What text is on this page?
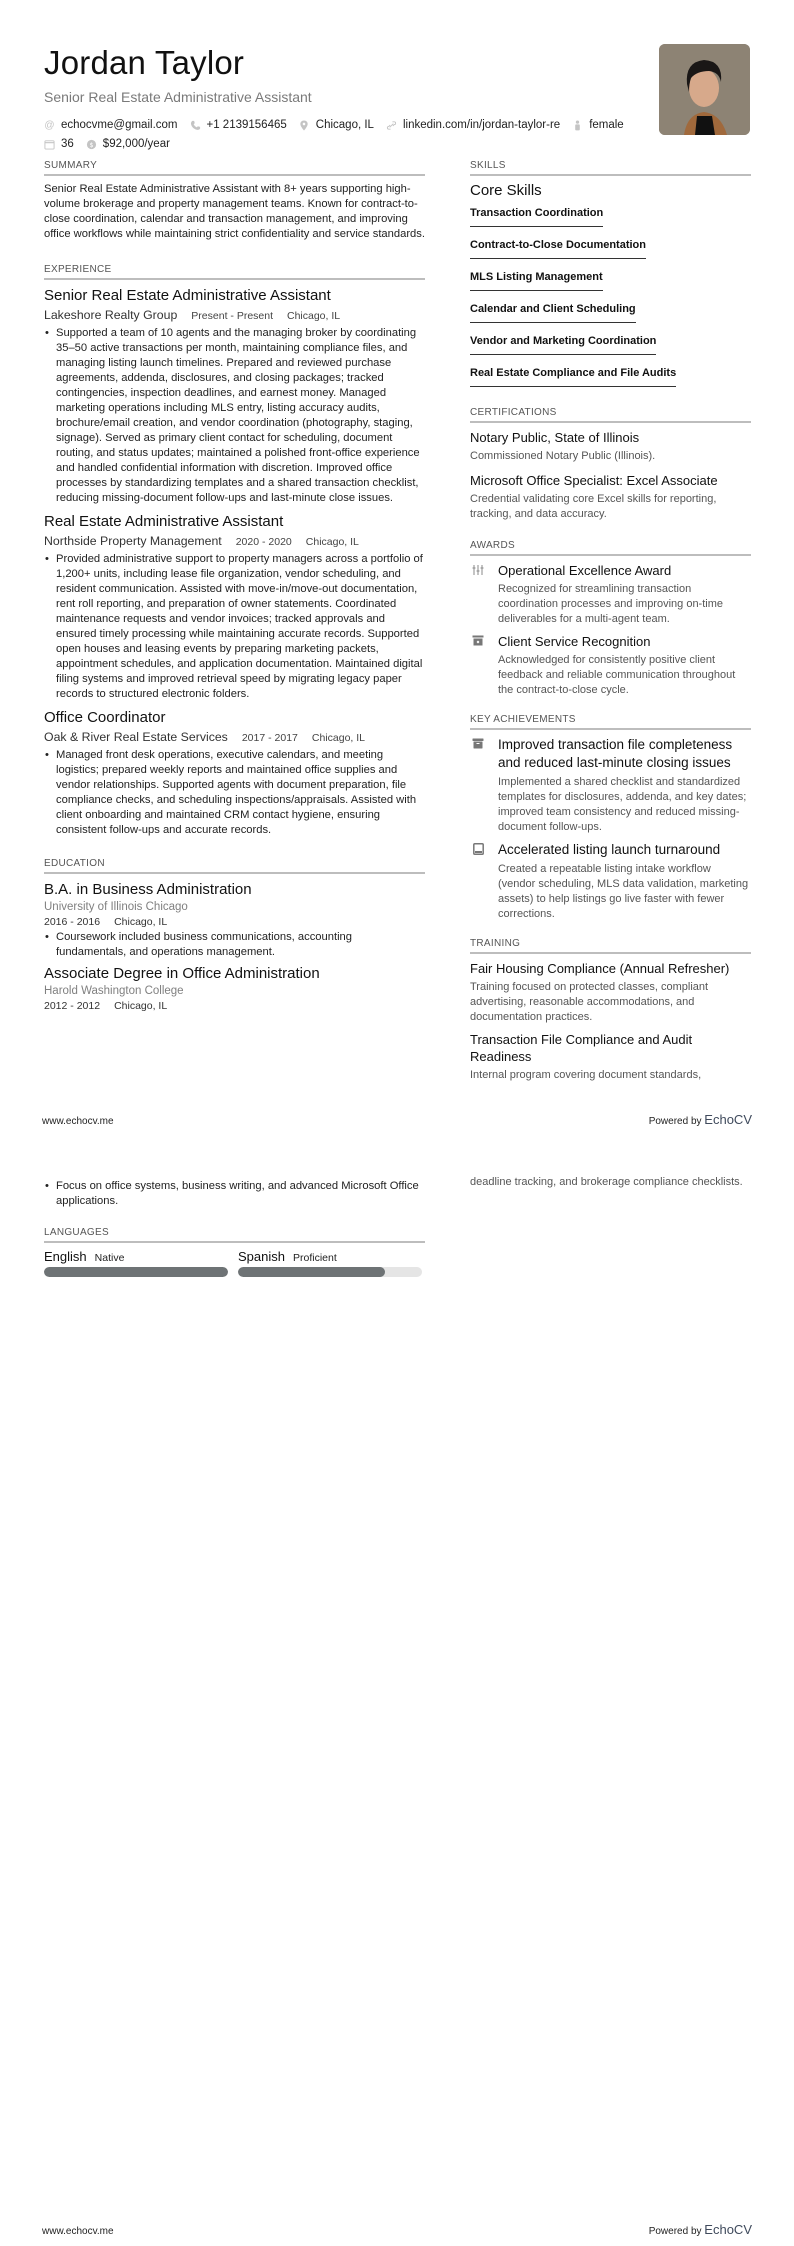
Jordan Taylor
Senior Real Estate Administrative Assistant
@ echocvme@gmail.com	+1 2139156465	Chicago, IL	linkedin.com/in/jordan-taylor-re	female
36 $ $92,000/year
SUMMARY

Senior Real Estate Administrative Assistant with 8+ years supporting high-volume brokerage and property management teams. Known for contract-to-close coordination, calendar and transaction management, and improving office workflows while maintaining strict confidentiality and service standards.

EXPERIENCE
Senior Real Estate Administrative Assistant
Lakeshore Realty Group Present - Present Chicago, IL
• Supported a team of 10 agents and the managing broker by coordinating 35–50 active transactions per month, maintaining compliance files, and managing listing launch timelines. Prepared and reviewed purchase agreements, addenda, disclosures, and closing packages; tracked contingencies, inspection deadlines, and earnest money. Managed marketing operations including MLS entry, listing accuracy audits, brochure/email creation, and vendor coordination (photography, staging, signage). Served as primary client contact for scheduling, document routing, and status updates; maintained a polished front-office experience and handled confidential information with discretion. Improved office processes by standardizing templates and a shared transaction checklist, reducing missing-document follow-ups and last-minute close issues.
Real Estate Administrative Assistant
Northside Property Management 2020 - 2020 Chicago, IL
• Provided administrative support to property managers across a portfolio of 1,200+ units, including lease file organization, vendor scheduling, and resident communication. Assisted with move-in/move-out documentation, rent roll reporting, and preparation of owner statements. Coordinated maintenance requests and vendor invoices; tracked approvals and ensured timely processing while maintaining accurate records. Supported open houses and leasing events by preparing marketing packets, appointment schedules, and application documentation. Maintained digital filing systems and improved retrieval speed by migrating legacy paper records to structured electronic folders.
Office Coordinator
Oak & River Real Estate Services 2017 - 2017 Chicago, IL
• Managed front desk operations, executive calendars, and meeting logistics; prepared weekly reports and maintained office supplies and vendor relationships. Supported agents with document preparation, file compliance checks, and scheduling inspections/appraisals. Assisted with client onboarding and maintained CRM contact hygiene, ensuring consistent follow-ups and accurate records.
EDUCATION
B.A. in Business Administration
University of Illinois Chicago
2016 - 2016 Chicago, IL
• Coursework included business communications, accounting fundamentals, and operations management.
Associate Degree in Office Administration
Harold Washington College
2012 - 2012 Chicago, IL
SKILLS
Core Skills
Transaction Coordination
Contract-to-Close Documentation
MLS Listing Management
Calendar and Client Scheduling
Vendor and Marketing Coordination
Real Estate Compliance and File Audits
CERTIFICATIONS
Notary Public, State of Illinois
Commissioned Notary Public (Illinois).
Microsoft Office Specialist: Excel Associate
Credential validating core Excel skills for reporting, tracking, and data accuracy.
AWARDS
Operational Excellence Award
Recognized for streamlining transaction coordination processes and improving on-time deliverables for a multi-agent team.
Client Service Recognition
Acknowledged for consistently positive client feedback and reliable communication throughout the contract-to-close cycle.
KEY ACHIEVEMENTS
Improved transaction file completeness and reduced last-minute closing issues
Implemented a shared checklist and standardized templates for disclosures, addenda, and key dates; improved team consistency and reduced missing-document follow-ups.
Accelerated listing launch turnaround
Created a repeatable listing intake workflow (vendor scheduling, MLS data validation, marketing assets) to help listings go live faster with fewer corrections.
TRAINING
Fair Housing Compliance (Annual Refresher)
Training focused on protected classes, compliant advertising, reasonable accommodations, and documentation practices.
Transaction File Compliance and Audit Readiness
Internal program covering document standards,
www.echocv.me	Powered by EchoCV
• Focus on office systems, business writing, and advanced Microsoft Office applications.
LANGUAGES
English Native	Spanish Proficient
deadline tracking, and brokerage compliance checklists.
www.echocv.me	Powered by EchoCV
